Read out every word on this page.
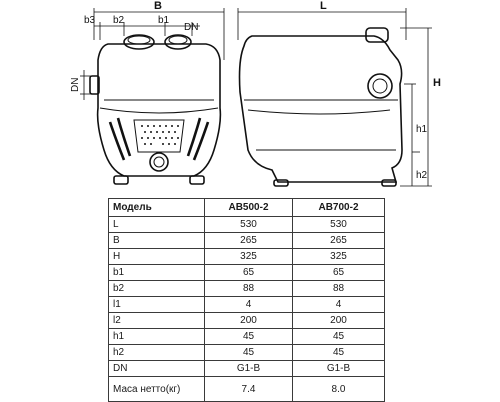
B
b3 b2	b1
DN
DN
L
H
h1
h2
Модель	AB500-2	AB700-2
L	530	530
B	265	265
H	325	325
b1	65	65
b2	88	88
l1	4	4
l2	200	200
h1	45	45
h2	45	45
DN	G1-B	G1-B
Маса нетто(кг)	7.4	8.0
